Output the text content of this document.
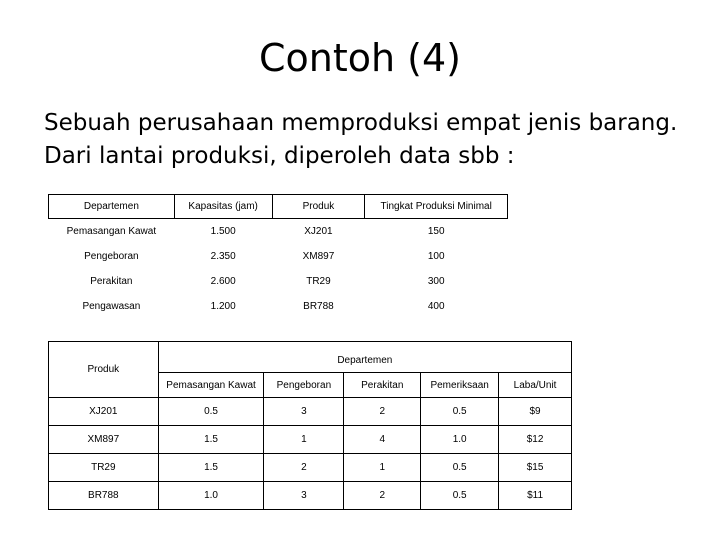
Contoh (4)
Sebuah perusahaan memproduksi empat jenis barang.
Dari lantai produksi, diperoleh data sbb :
Departemen	Kapasitas (jam)	Produk	Tingkat Produksi Minimal
Pemasangan Kawat	1.500	XJ201	150
Pengeboran	2.350	XM897	100
Perakitan	2.600	TR29	300
Pengawasan	1.200	BR788	400
Produk	Departemen				
	Pemasangan Kawat	Pengeboran	Perakitan	Pemeriksaan	Laba/Unit
XJ201	0.5	3	2	0.5	$9
XM897	1.5	1	4	1.0	$12
TR29	1.5	2	1	0.5	$15
BR788	1.0	3	2	0.5	$11
